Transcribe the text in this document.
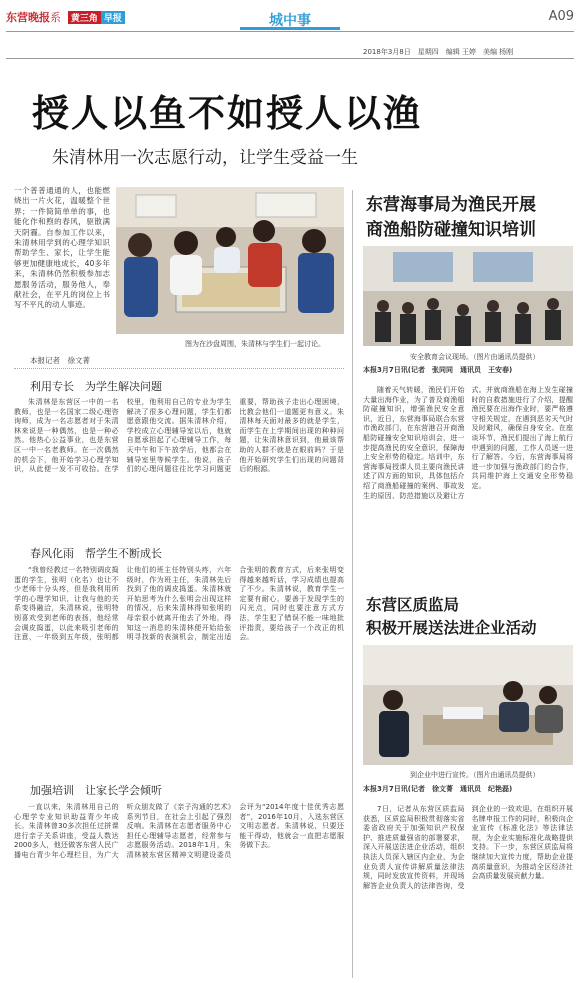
东营晚报系 黄三角 早报	城中事	A09
2018年3月8日　星期四　编辑 王婷　美编 杨刚
授人以鱼不如授人以渔
朱清林用一次志愿行动，让学生受益一生
一个普普通通的人，也能燃烧出一片火花，温暖整个世界；一件简简单单的事，也能化作和煦的春风，驱散满天阴霾。自参加工作以来，朱清林用学到的心理学知识帮助学生、家长，让学生能够更加健康地成长，40多年来，朱清林仍然积极参加志愿服务活动，服务他人，奉献社会，在平凡的岗位上书写不平凡的动人事迹。
图为在沙盘周围，朱清林与学生们一起讨论。
本报记者　徐文菁
利用专长　为学生解决问题

朱清林是东营区一中的一名教师，也是一名国家二级心理咨询师，成为一名志愿者对于朱清林来说是一种偶然，也是一种必然。他热心公益事业，也是东营区一中一名老教师。在一次偶然的机会下，他开始学习心理学知识，从此便一发不可收拾。在学校里，他利用自己的专业为学生解决了很多心理问题，学生们都愿意跟他交流。据朱清林介绍，学校成立心理辅导室以后，他就自愿承担起了心理辅导工作，每天中午和下午放学后，他都会在辅导室里等候学生。他说，孩子们的心理问题往往比学习问题更重要，帮助孩子走出心理困境，比教会他们一道题更有意义。朱清林每天面对最多的就是学生，而学生在上学期间出现的种种问题，让朱清林意识到，他最该帮助的人群不就是在眼前吗？于是他开始研究学生们出现的问题背后的根源。

春风化雨　帮学生不断成长

“我曾经教过一名特别调皮捣蛋的学生，张明（化名）也让不少老师十分头疼，但是我利用所学的心理学知识，让我与他的关系变得融洽，朱清林说，张明特别喜欢受到老师的表扬，他经常会调皮捣蛋，以此来吸引老师的注意，一年级到五年级，张明都让他们的班主任特别头疼，六年级时，作为班主任，朱清林先后找到了他的调皮捣蛋。朱清林就开始思考为什么张明会出现这样的情况，后来朱清林得知张明的母亲很小就离开他去了外地，得知这一消息的朱清林便开始给张明寻找新的表演机会，制定出适合张明的教育方式，后来张明变得越来越听话，学习成绩也提高了不少。朱清林说，教育学生一定要有耐心，要善于发现学生的闪光点，同时也要注意方式方法，学生犯了错误不能一味地批评指责，要给孩子一个改正的机会。

加强培训　让家长学会倾听

一直以来，朱清林用自己的心理学专业知识助益青少年成长。朱清林曾30多次担任过拼课进行亲子关系讲座，受益人数达2000多人，他还做客东营人民广播电台青少年心理栏目，为广大听众朋友做了《亲子沟通的艺术》系列节目，在社会上引起了强烈反响。朱清林在志愿者服务中心担任心理辅导志愿者，经常参与志愿服务活动。2018年1月，朱清林被东营区精神文明建设委员会评为“2014年度十佳优秀志愿者”，2016年10月，入选东营区文明志愿者。朱清林说，只要还能干得动，他就会一直把志愿服务做下去。

东营海事局为渔民开展
商渔船防碰撞知识培训
安全教育会议现场。（图片由通讯员提供）
本报3月7日讯(记者　张同同　通讯员　王安春)

随着天气转暖，渔民们开始大量出海作业，为了普及商渔船防碰撞知识，增强渔民安全意识，近日，东营海事局联合东营市渔政部门，在东营港召开商渔船防碰撞安全知识培训会，进一步提高渔民的安全意识，保障海上安全形势的稳定。培训中，东营海事局授课人员主要向渔民讲述了四方面的知识，具体包括介绍了商渔船碰撞的案例、事故发生的原因、防范措施以及避让方式。并就商渔船在海上发生碰撞时的自救措施进行了介绍，提醒渔民要在出海作业时，要严格遵守相关规定，在遇到恶劣天气时及时避风，确保自身安全。在座谈环节，渔民们提出了海上航行中遇到的问题，工作人员逐一进行了解答。今后，东营海事局将进一步加强与渔政部门的合作，共同维护海上交通安全形势稳定。

东营区质监局
积极开展送法进企业活动
到企业中进行宣传。（图片由通讯员提供）
本报3月7日讯(记者　徐文菁　通讯员　纪艳磊)

7日，记者从东营区质监局获悉，区质监局积极贯彻落实省委省政府关于加强知识产权保护、推进质量强省的部署要求，深入开展送法进企业活动，组织执法人员深入辖区内企业，为企业负责人宣传讲解质量法律法规，同时发放宣传资料，并现场解答企业负责人的法律咨询，受到企业的一致欢迎。在组织开展名牌申报工作的同时，积极向企业宣传《标准化法》等法律法规，为企业实施标准化战略提供支持。下一步，东营区质监局将继续加大宣传力度，帮助企业提高质量意识，为推动全区经济社会高质量发展贡献力量。
